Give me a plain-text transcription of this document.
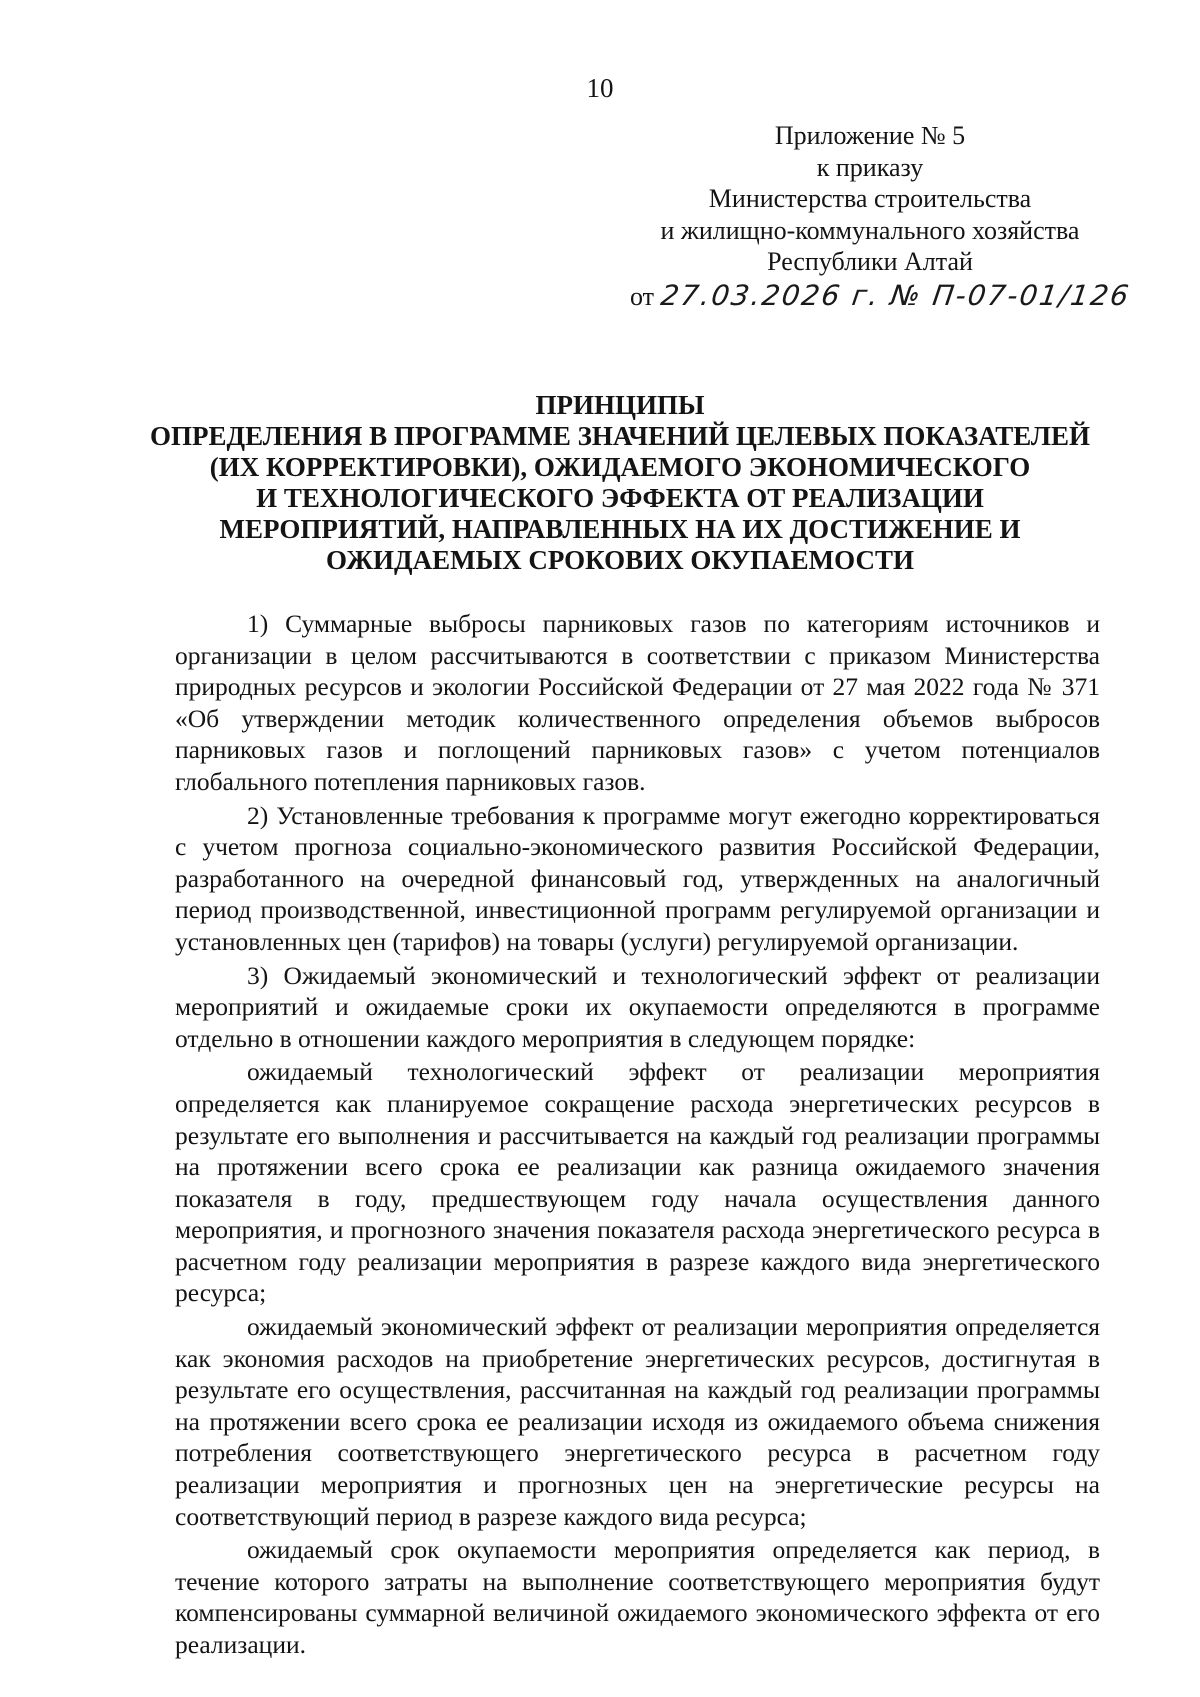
10
Приложение № 5
к приказу
Министерства строительства
и жилищно-коммунального хозяйства
Республики Алтай
от 27.03.2026 г. № П-07-01/126
ПРИНЦИПЫ
ОПРЕДЕЛЕНИЯ В ПРОГРАММЕ ЗНАЧЕНИЙ ЦЕЛЕВЫХ ПОКАЗАТЕЛЕЙ
(ИХ КОРРЕКТИРОВКИ), ОЖИДАЕМОГО ЭКОНОМИЧЕСКОГО
И ТЕХНОЛОГИЧЕСКОГО ЭФФЕКТА ОТ РЕАЛИЗАЦИИ
МЕРОПРИЯТИЙ, НАПРАВЛЕННЫХ НА ИХ ДОСТИЖЕНИЕ И
ОЖИДАЕМЫХ СРОКОВИХ ОКУПАЕМОСТИ

1) Суммарные выбросы парниковых газов по категориям источников и организации в целом рассчитываются в соответствии с приказом Министерства природных ресурсов и экологии Российской Федерации от 27 мая 2022 года № 371 «Об утверждении методик количественного определения объемов выбросов парниковых газов и поглощений парниковых газов» с учетом потенциалов глобального потепления парниковых газов.

2) Установленные требования к программе могут ежегодно корректироваться с учетом прогноза социально-экономического развития Российской Федерации, разработанного на очередной финансовый год, утвержденных на аналогичный период производственной, инвестиционной программ регулируемой организации и установленных цен (тарифов) на товары (услуги) регулируемой организации.

3) Ожидаемый экономический и технологический эффект от реализации мероприятий и ожидаемые сроки их окупаемости определяются в программе отдельно в отношении каждого мероприятия в следующем порядке:

ожидаемый технологический эффект от реализации мероприятия определяется как планируемое сокращение расхода энергетических ресурсов в результате его выполнения и рассчитывается на каждый год реализации программы на протяжении всего срока ее реализации как разница ожидаемого значения показателя в году, предшествующем году начала осуществления данного мероприятия, и прогнозного значения показателя расхода энергетического ресурса в расчетном году реализации мероприятия в разрезе каждого вида энергетического ресурса;

ожидаемый экономический эффект от реализации мероприятия определяется как экономия расходов на приобретение энергетических ресурсов, достигнутая в результате его осуществления, рассчитанная на каждый год реализации программы на протяжении всего срока ее реализации исходя из ожидаемого объема снижения потребления соответствующего энергетического ресурса в расчетном году реализации мероприятия и прогнозных цен на энергетические ресурсы на соответствующий период в разрезе каждого вида ресурса;

ожидаемый срок окупаемости мероприятия определяется как период, в течение которого затраты на выполнение соответствующего мероприятия будут компенсированы суммарной величиной ожидаемого экономического эффекта от его реализации.
